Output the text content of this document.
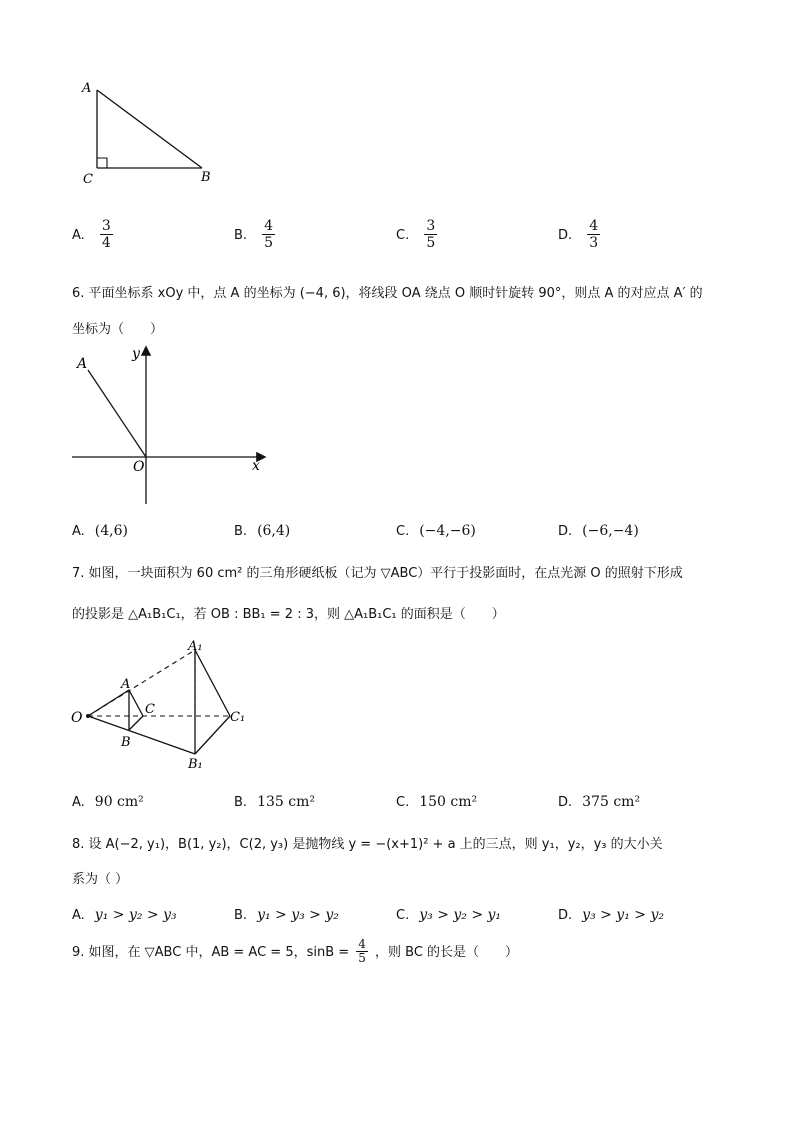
A
C	B
A. $\frac{3}{4}$	B. $\frac{4}{5}$	C. $\frac{3}{5}$	D. $\frac{4}{3}$
6. 平面坐标系 xOy 中，点 A 的坐标为 (−4, 6)，将线段 OA 绕点 O 顺时针旋转 90°，则点 A 的对应点 A′ 的
坐标为（　　）
A
O	x
y
A. (4,6)	B. (6,4)	C. (−4,−6)	D. (−6,−4)
7. 如图，一块面积为 60 cm² 的三角形硬纸板（记为 ▽ABC）平行于投影面时，在点光源 O 的照射下形成
的投影是 △A₁B₁C₁，若 OB : BB₁ = 2 : 3，则 △A₁B₁C₁ 的面积是（　　）
O
A
B
C
A₁
B₁
C₁
A. 90 cm²	B. 135 cm²	C. 150 cm²	D. 375 cm²
8. 设 A(−2, y₁)，B(1, y₂)，C(2, y₃) 是抛物线 y = −(x+1)² + a 上的三点，则 y₁，y₂，y₃ 的大小关
系为（ ）
A. y₁ > y₂ > y₃	B. y₁ > y₃ > y₂	C. y₃ > y₂ > y₁	D. y₃ > y₁ > y₂
9. 如图，在 ▽ABC 中，AB = AC = 5，$\sin B = \frac{4}{5}$ ，则 BC 的长是（　　）
